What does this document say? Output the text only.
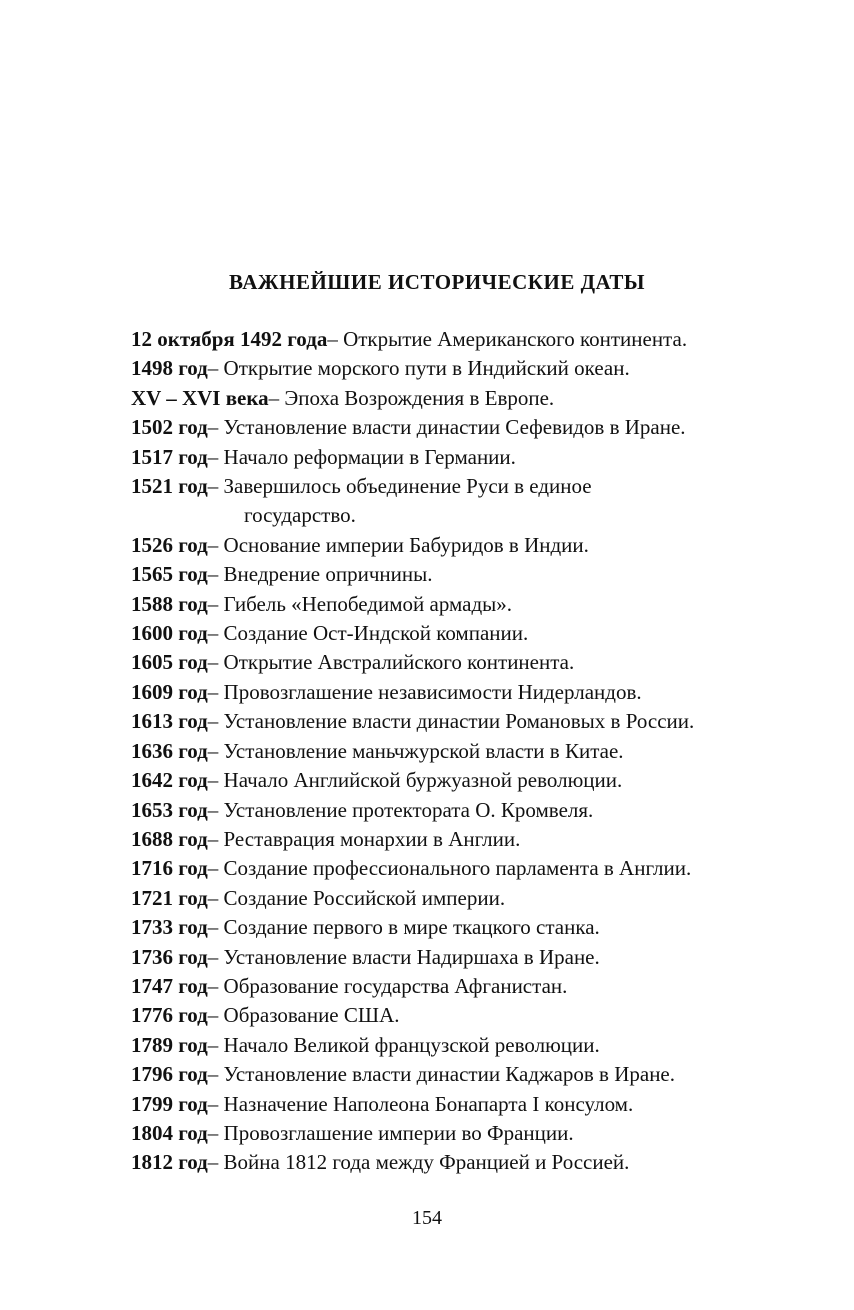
ВАЖНЕЙШИЕ ИСТОРИЧЕСКИЕ ДАТЫ
12 октября 1492 года – Открытие Американского континента.
1498 год – Открытие морского пути в Индийский океан.
XV – XVI века – Эпоха Возрождения в Европе.
1502 год – Установление власти династии Сефевидов в Иране.
1517 год – Начало реформации в Германии.
1521 год – Завершилось объединение Руси в единое
государство.
1526 год – Основание империи Бабуридов в Индии.
1565 год – Внедрение опричнины.
1588 год – Гибель «Непобедимой армады».
1600 год – Создание Ост-Индской компании.
1605 год – Открытие Австралийского континента.
1609 год – Провозглашение независимости Нидерландов.
1613 год – Установление власти династии Романовых в России.
1636 год – Установление маньчжурской власти в Китае.
1642 год – Начало Английской буржуазной революции.
1653 год – Установление протектората О. Кромвеля.
1688 год – Реставрация монархии в Англии.
1716 год – Создание профессионального парламента в Англии.
1721 год – Создание Российской империи.
1733 год – Создание первого в мире ткацкого станка.
1736 год – Установление власти Надиршаха в Иране.
1747 год – Образование государства Афганистан.
1776 год – Образование США.
1789 год – Начало Великой французской революции.
1796 год – Установление власти династии Каджаров в Иране.
1799 год – Назначение Наполеона Бонапарта I консулом.
1804 год – Провозглашение империи во Франции.
1812 год – Война 1812 года между Францией и Россией.
154
